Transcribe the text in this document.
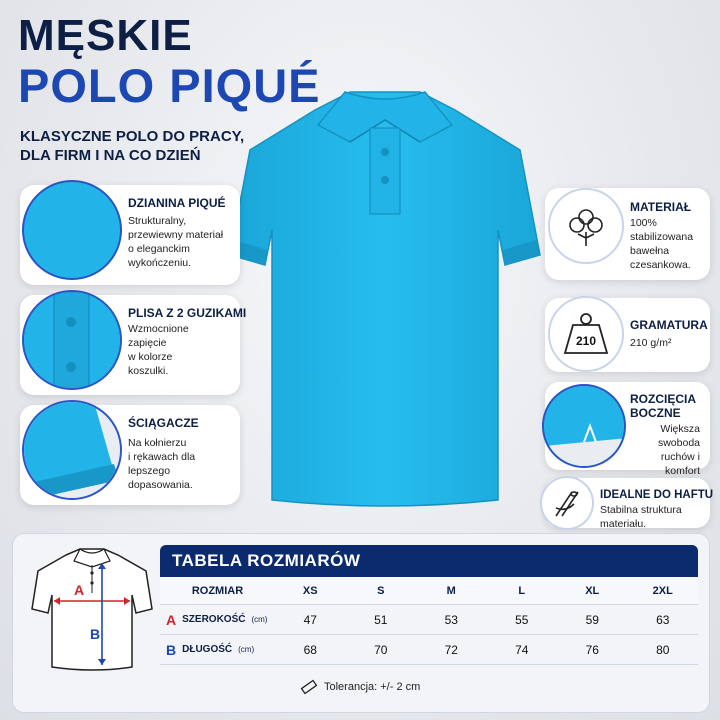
MĘSKIE
POLO PIQUÉ
KLASYCZNE POLO DO PRACY,
DLA FIRM I NA CO DZIEŃ
DZIANINA PIQUÉ
Strukturalny,
przewiewny materiał
o eleganckim
wykończeniu.
PLISA Z 2 GUZIKAMI
Wzmocnione
zapięcie
w kolorze
koszulki.
ŚCIĄGACZE
Na kołnierzu
i rękawach dla
lepszego
dopasowania.
MATERIAŁ
100%
stabilizowana
bawełna
czesankowa.
210
GRAMATURA
210 g/m²
ROZCIĘCIA
BOCZNE
Większa swoboda
ruchów i komfort
IDEALNE DO HAFTU
Stabilna struktura
materiału.
A
B
TABELA ROZMIARÓW
ROZMIAR	XS	S	M	L	XL	2XL
A SZEROKOŚĆ (cm)	47	51	53	55	59	63
B DŁUGOŚĆ (cm)	68	70	72	74	76	80
Tolerancja: +/- 2 cm
